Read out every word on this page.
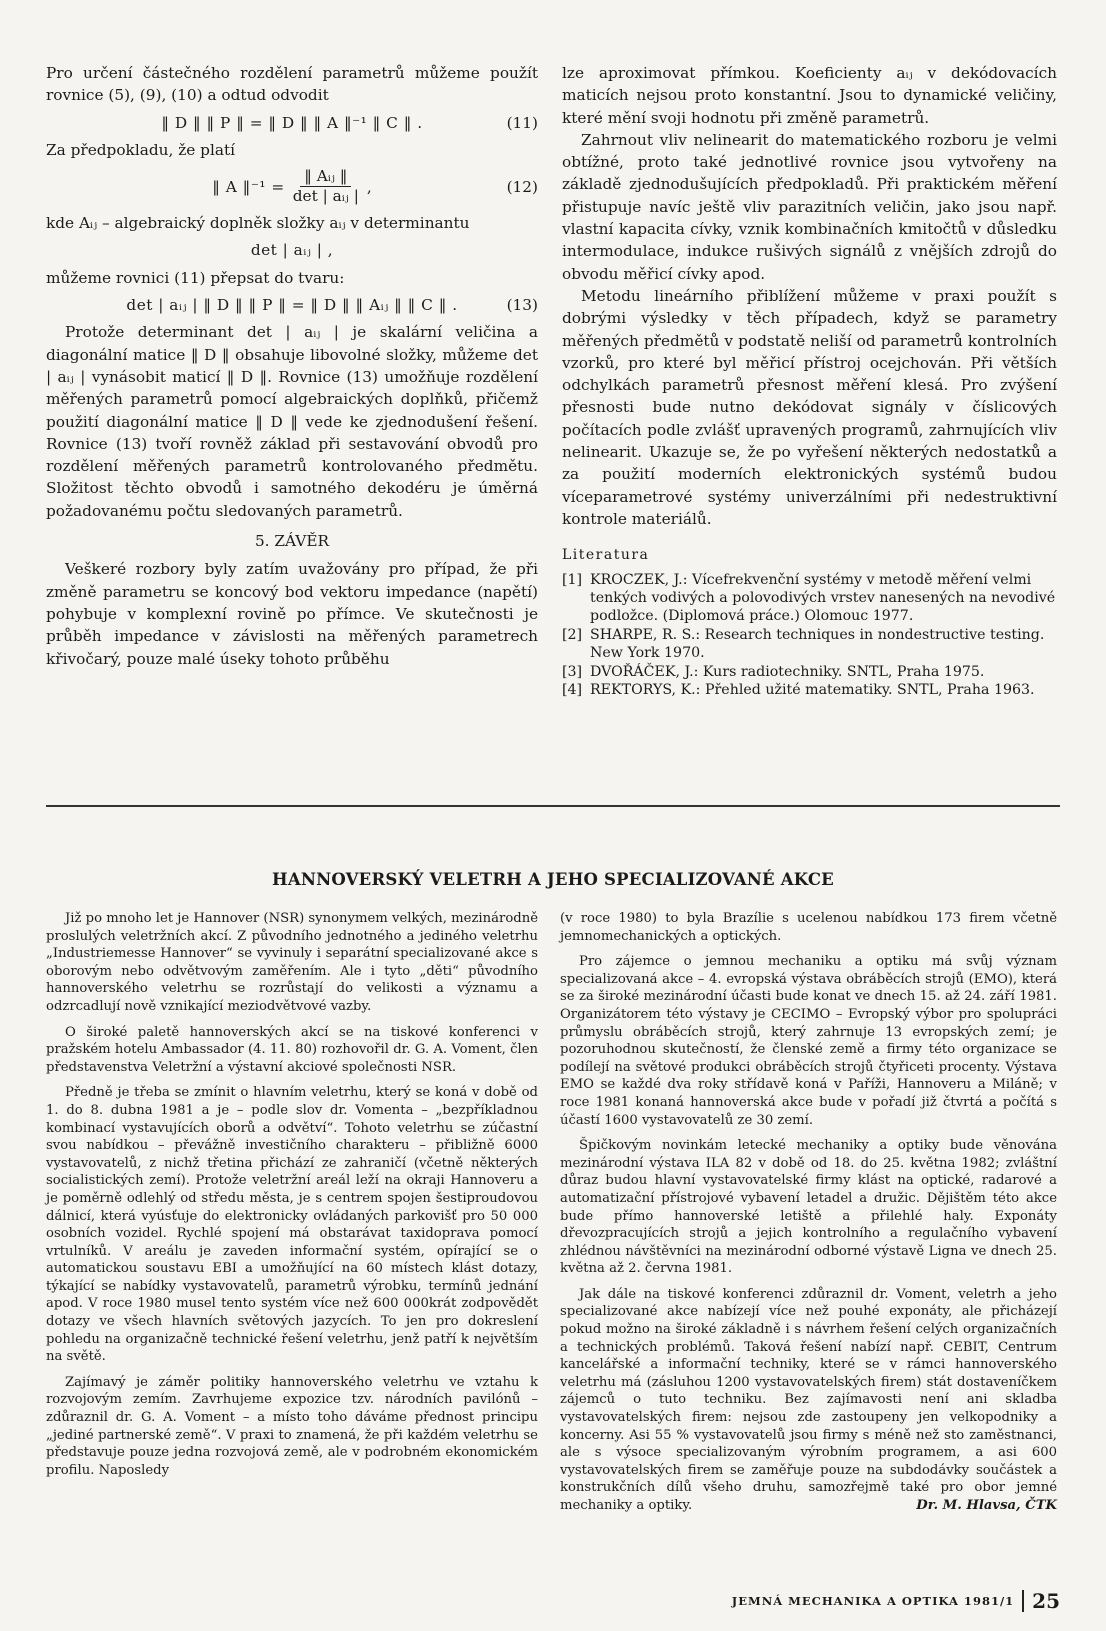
Pro určení částečného rozdělení parametrů můžeme použít rovnice (5), (9), (10) a odtud odvodit

‖ D ‖ ‖ P ‖ = ‖ D ‖ ‖ A ‖⁻¹ ‖ C ‖ .	(11)

Za předpokladu, že platí

‖ A ‖⁻¹ = $\frac{\text{‖ Aᵢⱼ ‖}}{\text{det | aᵢⱼ |}}$ ,	(12)

kde Aᵢⱼ – algebraický doplněk složky aᵢⱼ v determinantu

det | aᵢⱼ | ,

můžeme rovnici (11) přepsat do tvaru:

det | aᵢⱼ | ‖ D ‖ ‖ P ‖ = ‖ D ‖ ‖ Aᵢⱼ ‖ ‖ C ‖ .	(13)

Protože determinant det | aᵢⱼ | je skalární veličina a diagonální matice ‖ D ‖ obsahuje libovolné složky, můžeme det | aᵢⱼ | vynásobit maticí ‖ D ‖. Rovnice (13) umožňuje rozdělení měřených parametrů pomocí algebraických doplňků, přičemž použití diagonální matice ‖ D ‖ vede ke zjednodušení řešení. Rovnice (13) tvoří rovněž základ při sestavování obvodů pro rozdělení měřených parametrů kontrolovaného předmětu. Složitost těchto obvodů i samotného dekodéru je úměrná požadovanému počtu sledovaných parametrů.

5. ZÁVĚR

Veškeré rozbory byly zatím uvažovány pro případ, že při změně parametru se koncový bod vektoru impedance (napětí) pohybuje v komplexní rovině po přímce. Ve skutečnosti je průběh impedance v závislosti na měřených parametrech křivočarý, pouze malé úseky tohoto průběhu

lze aproximovat přímkou. Koeficienty aᵢⱼ v dekódovacích maticích nejsou proto konstantní. Jsou to dynamické veličiny, které mění svoji hodnotu při změně parametrů.

Zahrnout vliv nelinearit do matematického rozboru je velmi obtížné, proto také jednotlivé rovnice jsou vytvořeny na základě zjednodušujících předpokladů. Při praktickém měření přistupuje navíc ještě vliv parazitních veličin, jako jsou např. vlastní kapacita cívky, vznik kombinačních kmitočtů v důsledku intermodulace, indukce rušivých signálů z vnějších zdrojů do obvodu měřicí cívky apod.

Metodu lineárního přiblížení můžeme v praxi použít s dobrými výsledky v těch případech, když se parametry měřených předmětů v podstatě neliší od parametrů kontrolních vzorků, pro které byl měřicí přístroj ocejchován. Při větších odchylkách parametrů přesnost měření klesá. Pro zvýšení přesnosti bude nutno dekódovat signály v číslicových počítacích podle zvlášť upravených programů, zahrnujících vliv nelinearit. Ukazuje se, že po vyřešení některých nedostatků a za použití moderních elektronických systémů budou víceparametrové systémy univerzálními při nedestruktivní kontrole materiálů.

Literatura
[1] KROCZEK, J.: Vícefrekvenční systémy v metodě měření velmi tenkých vodivých a polovodivých vrstev nanesených na nevodivé podložce. (Diplomová práce.) Olomouc 1977.
[2] SHARPE, R. S.: Research techniques in nondestructive testing. New York 1970.
[3] DVOŘÁČEK, J.: Kurs radiotechniky. SNTL, Praha 1975.
[4] REKTORYS, K.: Přehled užité matematiky. SNTL, Praha 1963.
HANNOVERSKÝ VELETRH A JEHO SPECIALIZOVANÉ AKCE

Již po mnoho let je Hannover (NSR) synonymem velkých, mezinárodně proslulých veletržních akcí. Z původního jednotného a jediného veletrhu „Industriemesse Hannover“ se vyvinuly i separátní specializované akce s oborovým nebo odvětvovým zaměřením. Ale i tyto „děti“ původního hannoverského veletrhu se rozrůstají do velikosti a významu a odzrcadlují nově vznikající meziodvětvové vazby.

O široké paletě hannoverských akcí se na tiskové konferenci v pražském hotelu Ambassador (4. 11. 80) rozhovořil dr. G. A. Voment, člen představenstva Veletržní a výstavní akciové společnosti NSR.

Předně je třeba se zmínit o hlavním veletrhu, který se koná v době od 1. do 8. dubna 1981 a je – podle slov dr. Vomenta – „bezpříkladnou kombinací vystavujících oborů a odvětví“. Tohoto veletrhu se zúčastní svou nabídkou – převážně investičního charakteru – přibližně 6000 vystavovatelů, z nichž třetina přichází ze zahraničí (včetně některých socialistických zemí). Protože veletržní areál leží na okraji Hannoveru a je poměrně odlehlý od středu města, je s centrem spojen šestiproudovou dálnicí, která vyúsťuje do elektronicky ovládaných parkovišť pro 50 000 osobních vozidel. Rychlé spojení má obstarávat taxidoprava pomocí vrtulníků. V areálu je zaveden informační systém, opírající se o automatickou soustavu EBI a umožňující na 60 místech klást dotazy, týkající se nabídky vystavovatelů, parametrů výrobku, termínů jednání apod. V roce 1980 musel tento systém více než 600 000krát zodpovědět dotazy ve všech hlavních světových jazycích. To jen pro dokreslení pohledu na organizačně technické řešení veletrhu, jenž patří k největším na světě.

Zajímavý je záměr politiky hannoverského veletrhu ve vztahu k rozvojovým zemím. Zavrhujeme expozice tzv. národních pavilónů – zdůraznil dr. G. A. Voment – a místo toho dáváme přednost principu „jediné partnerské země“. V praxi to znamená, že při každém veletrhu se představuje pouze jedna rozvojová země, ale v podrobném ekonomickém profilu. Naposledy

(v roce 1980) to byla Brazílie s ucelenou nabídkou 173 firem včetně jemnomechanických a optických.

Pro zájemce o jemnou mechaniku a optiku má svůj význam specializovaná akce – 4. evropská výstava obráběcích strojů (EMO), která se za široké mezinárodní účasti bude konat ve dnech 15. až 24. září 1981. Organizátorem této výstavy je CECIMO – Evropský výbor pro spolupráci průmyslu obráběcích strojů, který zahrnuje 13 evropských zemí; je pozoruhodnou skutečností, že členské země a firmy této organizace se podílejí na světové produkci obráběcích strojů čtyřiceti procenty. Výstava EMO se každé dva roky střídavě koná v Paříži, Hannoveru a Miláně; v roce 1981 konaná hannoverská akce bude v pořadí již čtvrtá a počítá s účastí 1600 vystavovatelů ze 30 zemí.

Špičkovým novinkám letecké mechaniky a optiky bude věnována mezinárodní výstava ILA 82 v době od 18. do 25. května 1982; zvláštní důraz budou hlavní vystavovatelské firmy klást na optické, radarové a automatizační přístrojové vybavení letadel a družic. Dějištěm této akce bude přímo hannoverské letiště a přilehlé haly. Exponáty dřevozpracujících strojů a jejich kontrolního a regulačního vybavení zhlédnou návštěvníci na mezinárodní odborné výstavě Ligna ve dnech 25. května až 2. června 1981.

Jak dále na tiskové konferenci zdůraznil dr. Voment, veletrh a jeho specializované akce nabízejí více než pouhé exponáty, ale přicházejí pokud možno na široké základně i s návrhem řešení celých organizačních a technických problémů. Taková řešení nabízí např. CEBIT, Centrum kancelářské a informační techniky, které se v rámci hannoverského veletrhu má (zásluhou 1200 vystavovatelských firem) stát dostaveníčkem zájemců o tuto techniku. Bez zajímavosti není ani skladba vystavovatelských firem: nejsou zde zastoupeny jen velkopodniky a koncerny. Asi 55 % vystavovatelů jsou firmy s méně než sto zaměstnanci, ale s výsoce specializovaným výrobním programem, a asi 600 vystavovatelských firem se zaměřuje pouze na subdodávky součástek a konstrukčních dílů všeho druhu, samozřejmě také pro obor jemné mechaniky a optiky.	Dr. M. Hlavsa, ČTK

JEMNÁ MECHANIKA A OPTIKA 1981/1 25
